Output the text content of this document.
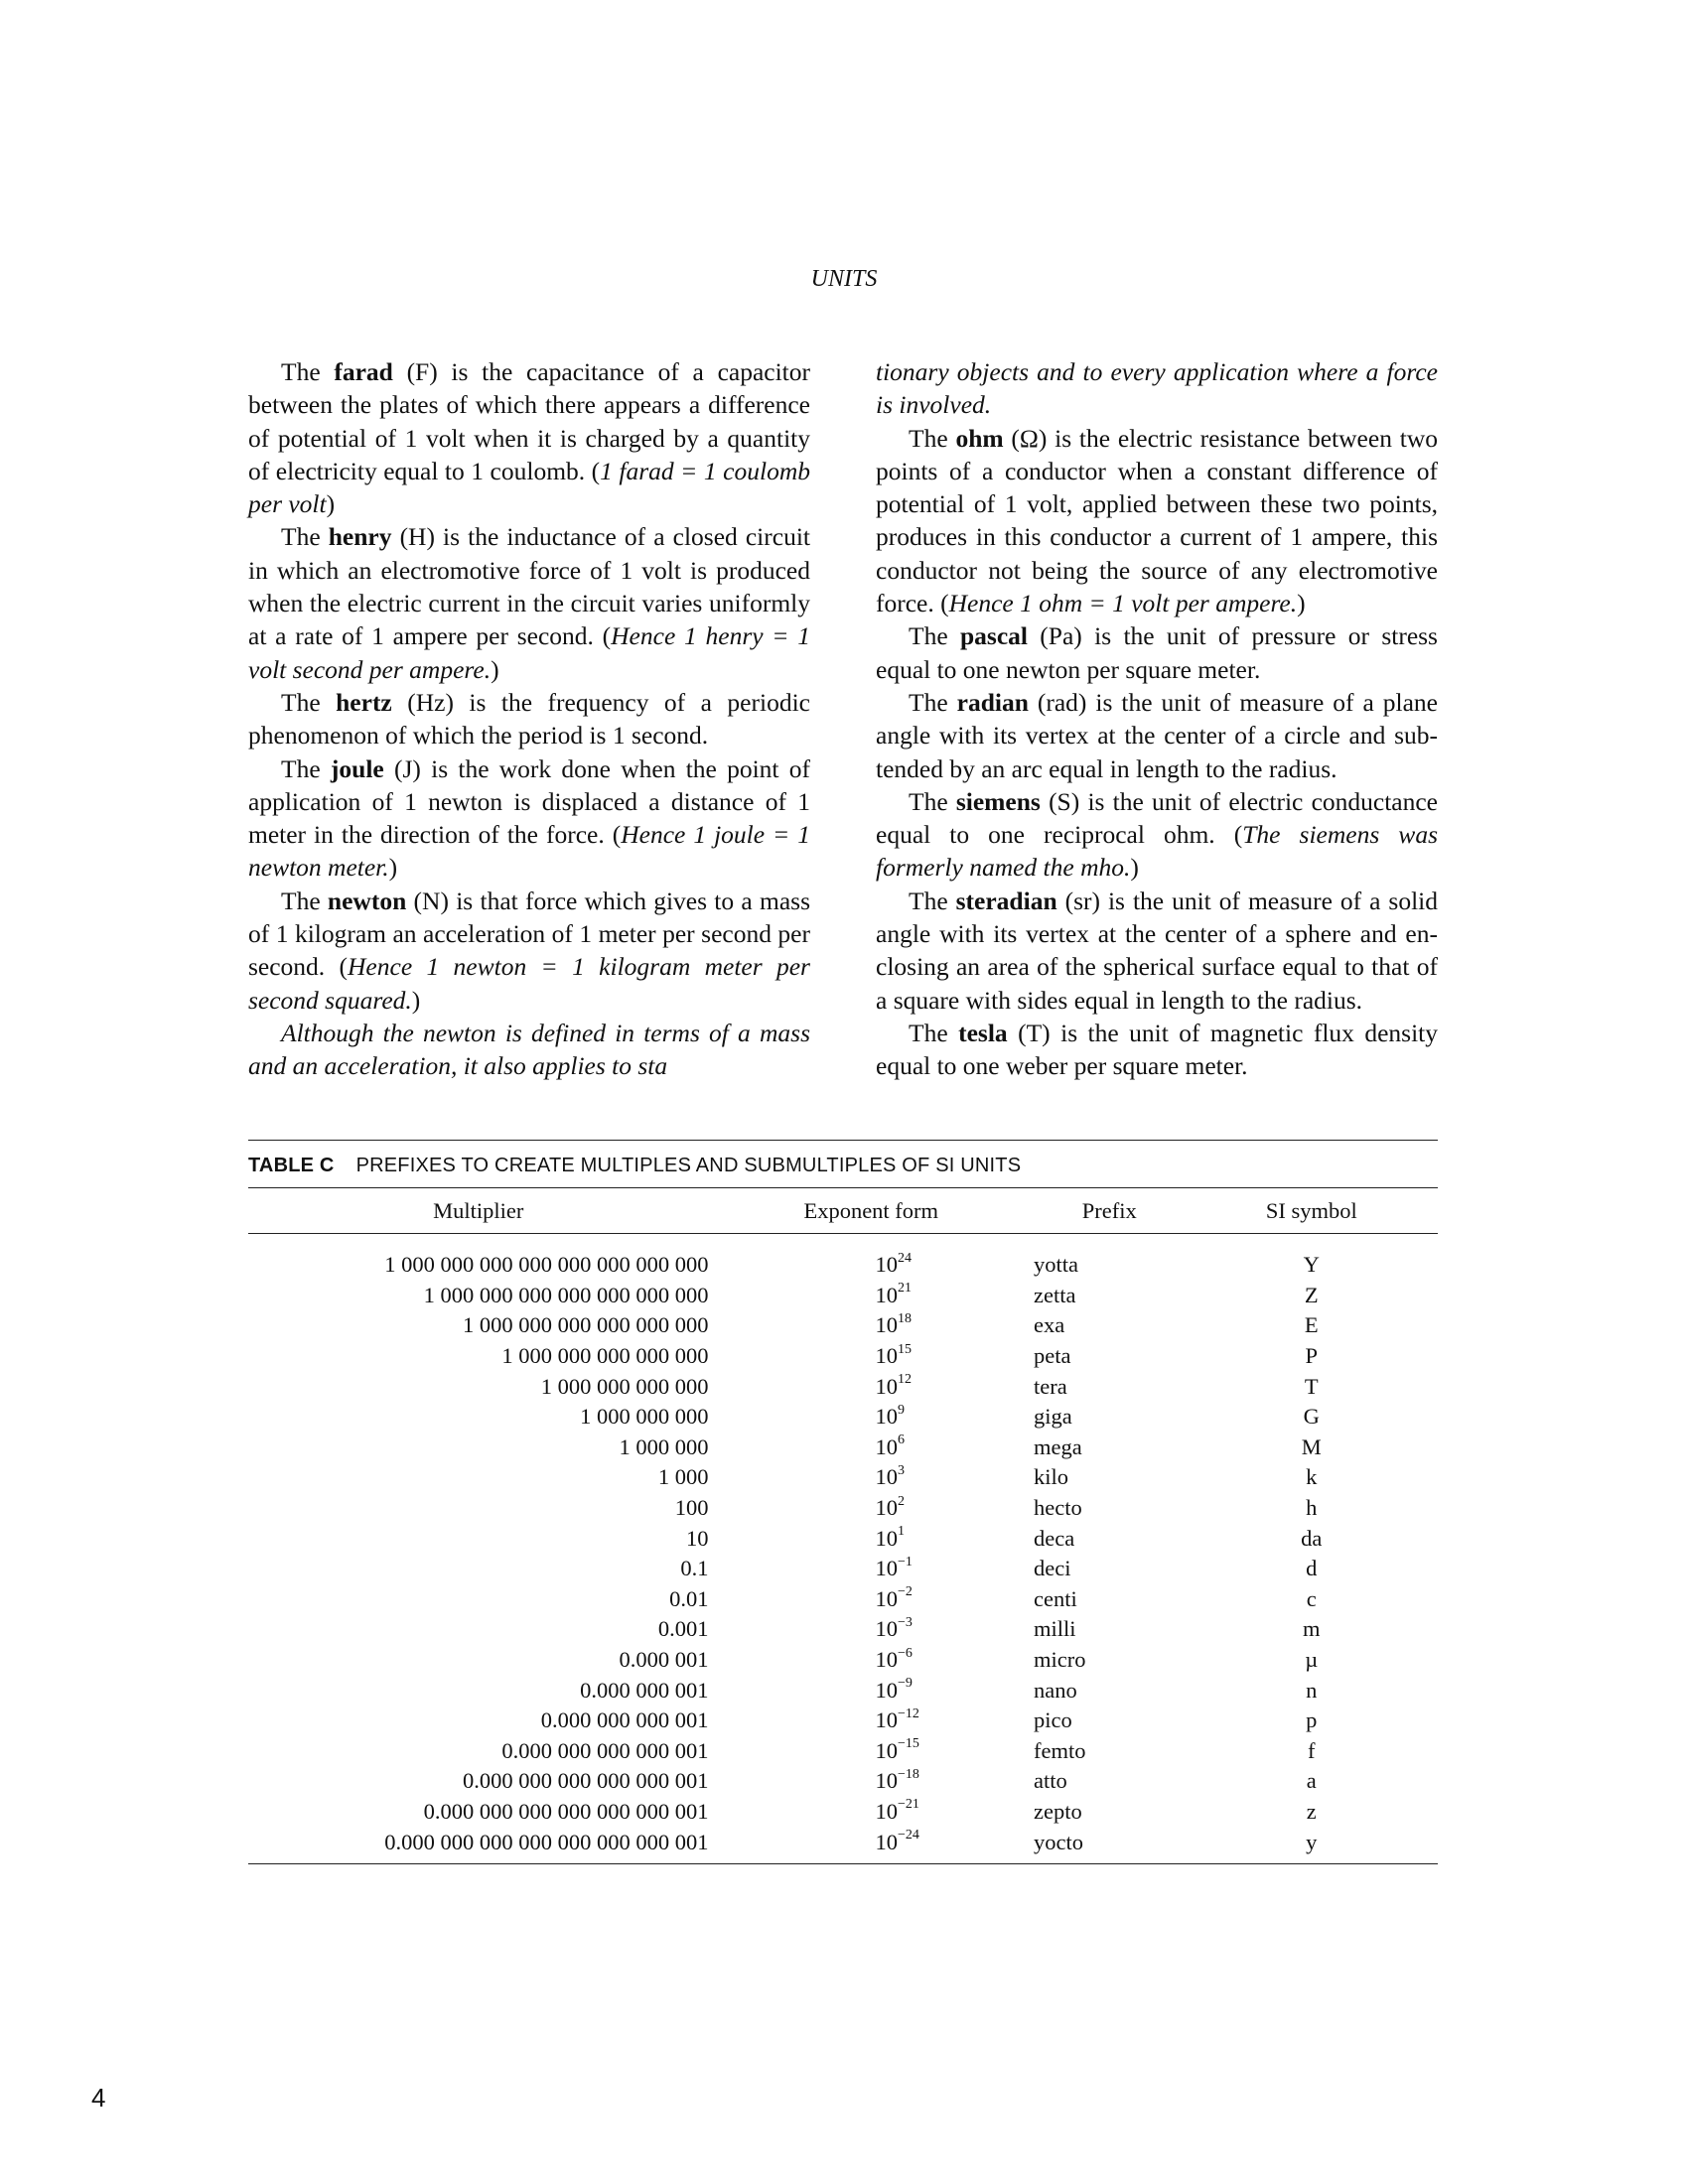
UNITS

The farad (F) is the capacitance of a capacitor between the plates of which there appears a difference of potential of 1 volt when it is charged by a quantity of electricity equal to 1 coulomb. (1 farad = 1 coulomb per volt)

The henry (H) is the inductance of a closed circuit in which an electromotive force of 1 volt is produced when the electric current in the circuit varies uniformly at a rate of 1 ampere per second. (Hence 1 henry = 1 volt second per ampere.)

The hertz (Hz) is the frequency of a periodic phenomenon of which the period is 1 second.

The joule (J) is the work done when the point of application of 1 newton is displaced a distance of 1 meter in the direction of the force. (Hence 1 joule = 1 newton meter.)

The newton (N) is that force which gives to a mass of 1 kilogram an acceleration of 1 meter per second per second. (Hence 1 newton = 1 kilogram meter per second squared.)

Although the newton is defined in terms of a mass and an acceleration, it also applies to sta

tionary objects and to every application where a force is involved.

The ohm (Ω) is the electric resistance between two points of a conductor when a constant difference of potential of 1 volt, applied between these two points, produces in this conductor a current of 1 ampere, this conductor not being the source of any electromotive force. (Hence 1 ohm = 1 volt per ampere.)

The pascal (Pa) is the unit of pressure or stress equal to one newton per square meter.

The radian (rad) is the unit of measure of a plane angle with its vertex at the center of a circle and subtended by an arc equal in length to the radius.

The siemens (S) is the unit of electric conductance equal to one reciprocal ohm. (The siemens was formerly named the mho.)

The steradian (sr) is the unit of measure of a solid angle with its vertex at the center of a sphere and enclosing an area of the spherical surface equal to that of a square with sides equal in length to the radius.

The tesla (T) is the unit of magnetic flux density equal to one weber per square meter.

TABLE C PREFIXES TO CREATE MULTIPLES AND SUBMULTIPLES OF SI UNITS
Multiplier	Exponent form	Prefix	SI symbol

1 000 000 000 000 000 000 000 000	$10^{24}$	yotta	Y
1 000 000 000 000 000 000 000	$10^{21}$	zetta	Z
1 000 000 000 000 000 000	$10^{18}$	exa	E
1 000 000 000 000 000	$10^{15}$	peta	P
1 000 000 000 000	$10^{12}$	tera	T
1 000 000 000	$10^9$	giga	G
1 000 000	$10^6$	mega	M
1 000	$10^3$	kilo	k
100	$10^2$	hecto	h
10	$10^1$	deca	da
0.1	$10^{-1}$	deci	d
0.01	$10^{-2}$	centi	c
0.001	$10^{-3}$	milli	m
0.000 001	$10^{-6}$	micro	µ
0.000 000 001	$10^{-9}$	nano	n
0.000 000 000 001	$10^{-12}$	pico	p
0.000 000 000 000 001	$10^{-15}$	femto	f
0.000 000 000 000 000 001	$10^{-18}$	atto	a
0.000 000 000 000 000 000 001	$10^{-21}$	zepto	z
0.000 000 000 000 000 000 000 001	$10^{-24}$	yocto	y
4
